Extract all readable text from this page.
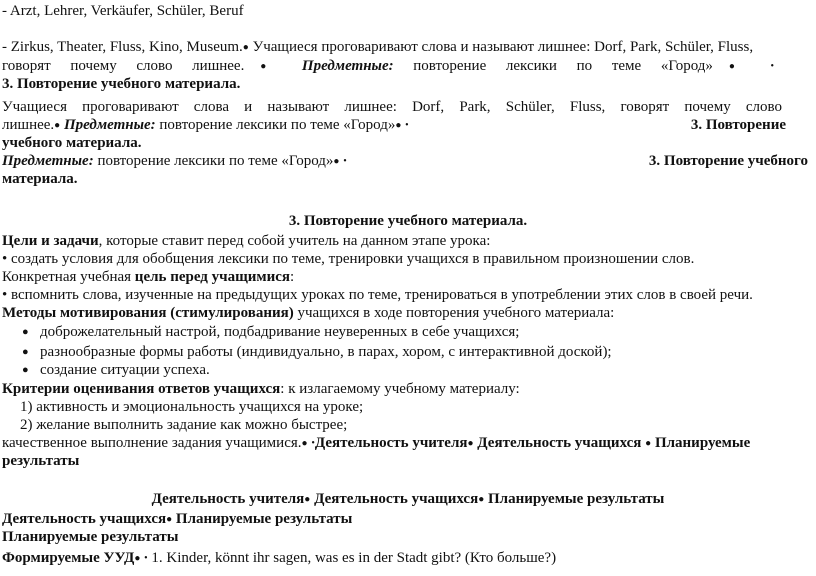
- Arzt, Lehrer, Verkäufer, Schüler, Beruf
- Zirkus, Theater, Fluss, Kino, Museum.● Учащиеся проговаривают слова и называют лишнее: Dorf, Park, Schüler, Fluss,
говорят почему слово лишнее.● Предметные: повторение лексики по теме «Город»● •
3. Повторение учебного материала.
Учащиеся проговаривают слова и называют лишнее: Dorf, Park, Schüler, Fluss, говорят почему слово
лишнее.● Предметные: повторение лексики по теме «Город»● •	3. Повторение
учебного материала.
Предметные: повторение лексики по теме «Город»● •	3. Повторение учебного
материала.
3. Повторение учебного материала.
Цели и задачи, которые ставит перед собой учитель на данном этапе урока:
• создать условия для обобщения лексики по теме, тренировки учащихся в правильном произношении слов.
Конкретная учебная цель перед учащимися:
• вспомнить слова, изученные на предыдущих уроках по теме, тренироваться в употреблении этих слов в своей речи.
Методы мотивирования (стимулирования) учащихся в ходе повторения учебного материала:
● доброжелательный настрой, подбадривание неуверенных в себе учащихся;
● разнообразные формы работы (индивидуально, в парах, хором, с интерактивной доской);
● создание ситуации успеха.
Критерии оценивания ответов учащихся: к излагаемому учебному материалу:
1) активность и эмоциональность учащихся на уроке;
2) желание выполнить задание как можно быстрее;
качественное выполнение задания учащимися.● •Деятельность учителя● Деятельность учащихся ● Планируемые
результаты
Деятельность учителя● Деятельность учащихся● Планируемые результаты
Деятельность учащихся● Планируемые результаты
Планируемые результаты
Формируемые УУД● • 1. Kinder, könnt ihr sagen, was es in der Stadt gibt? (Кто больше?)
